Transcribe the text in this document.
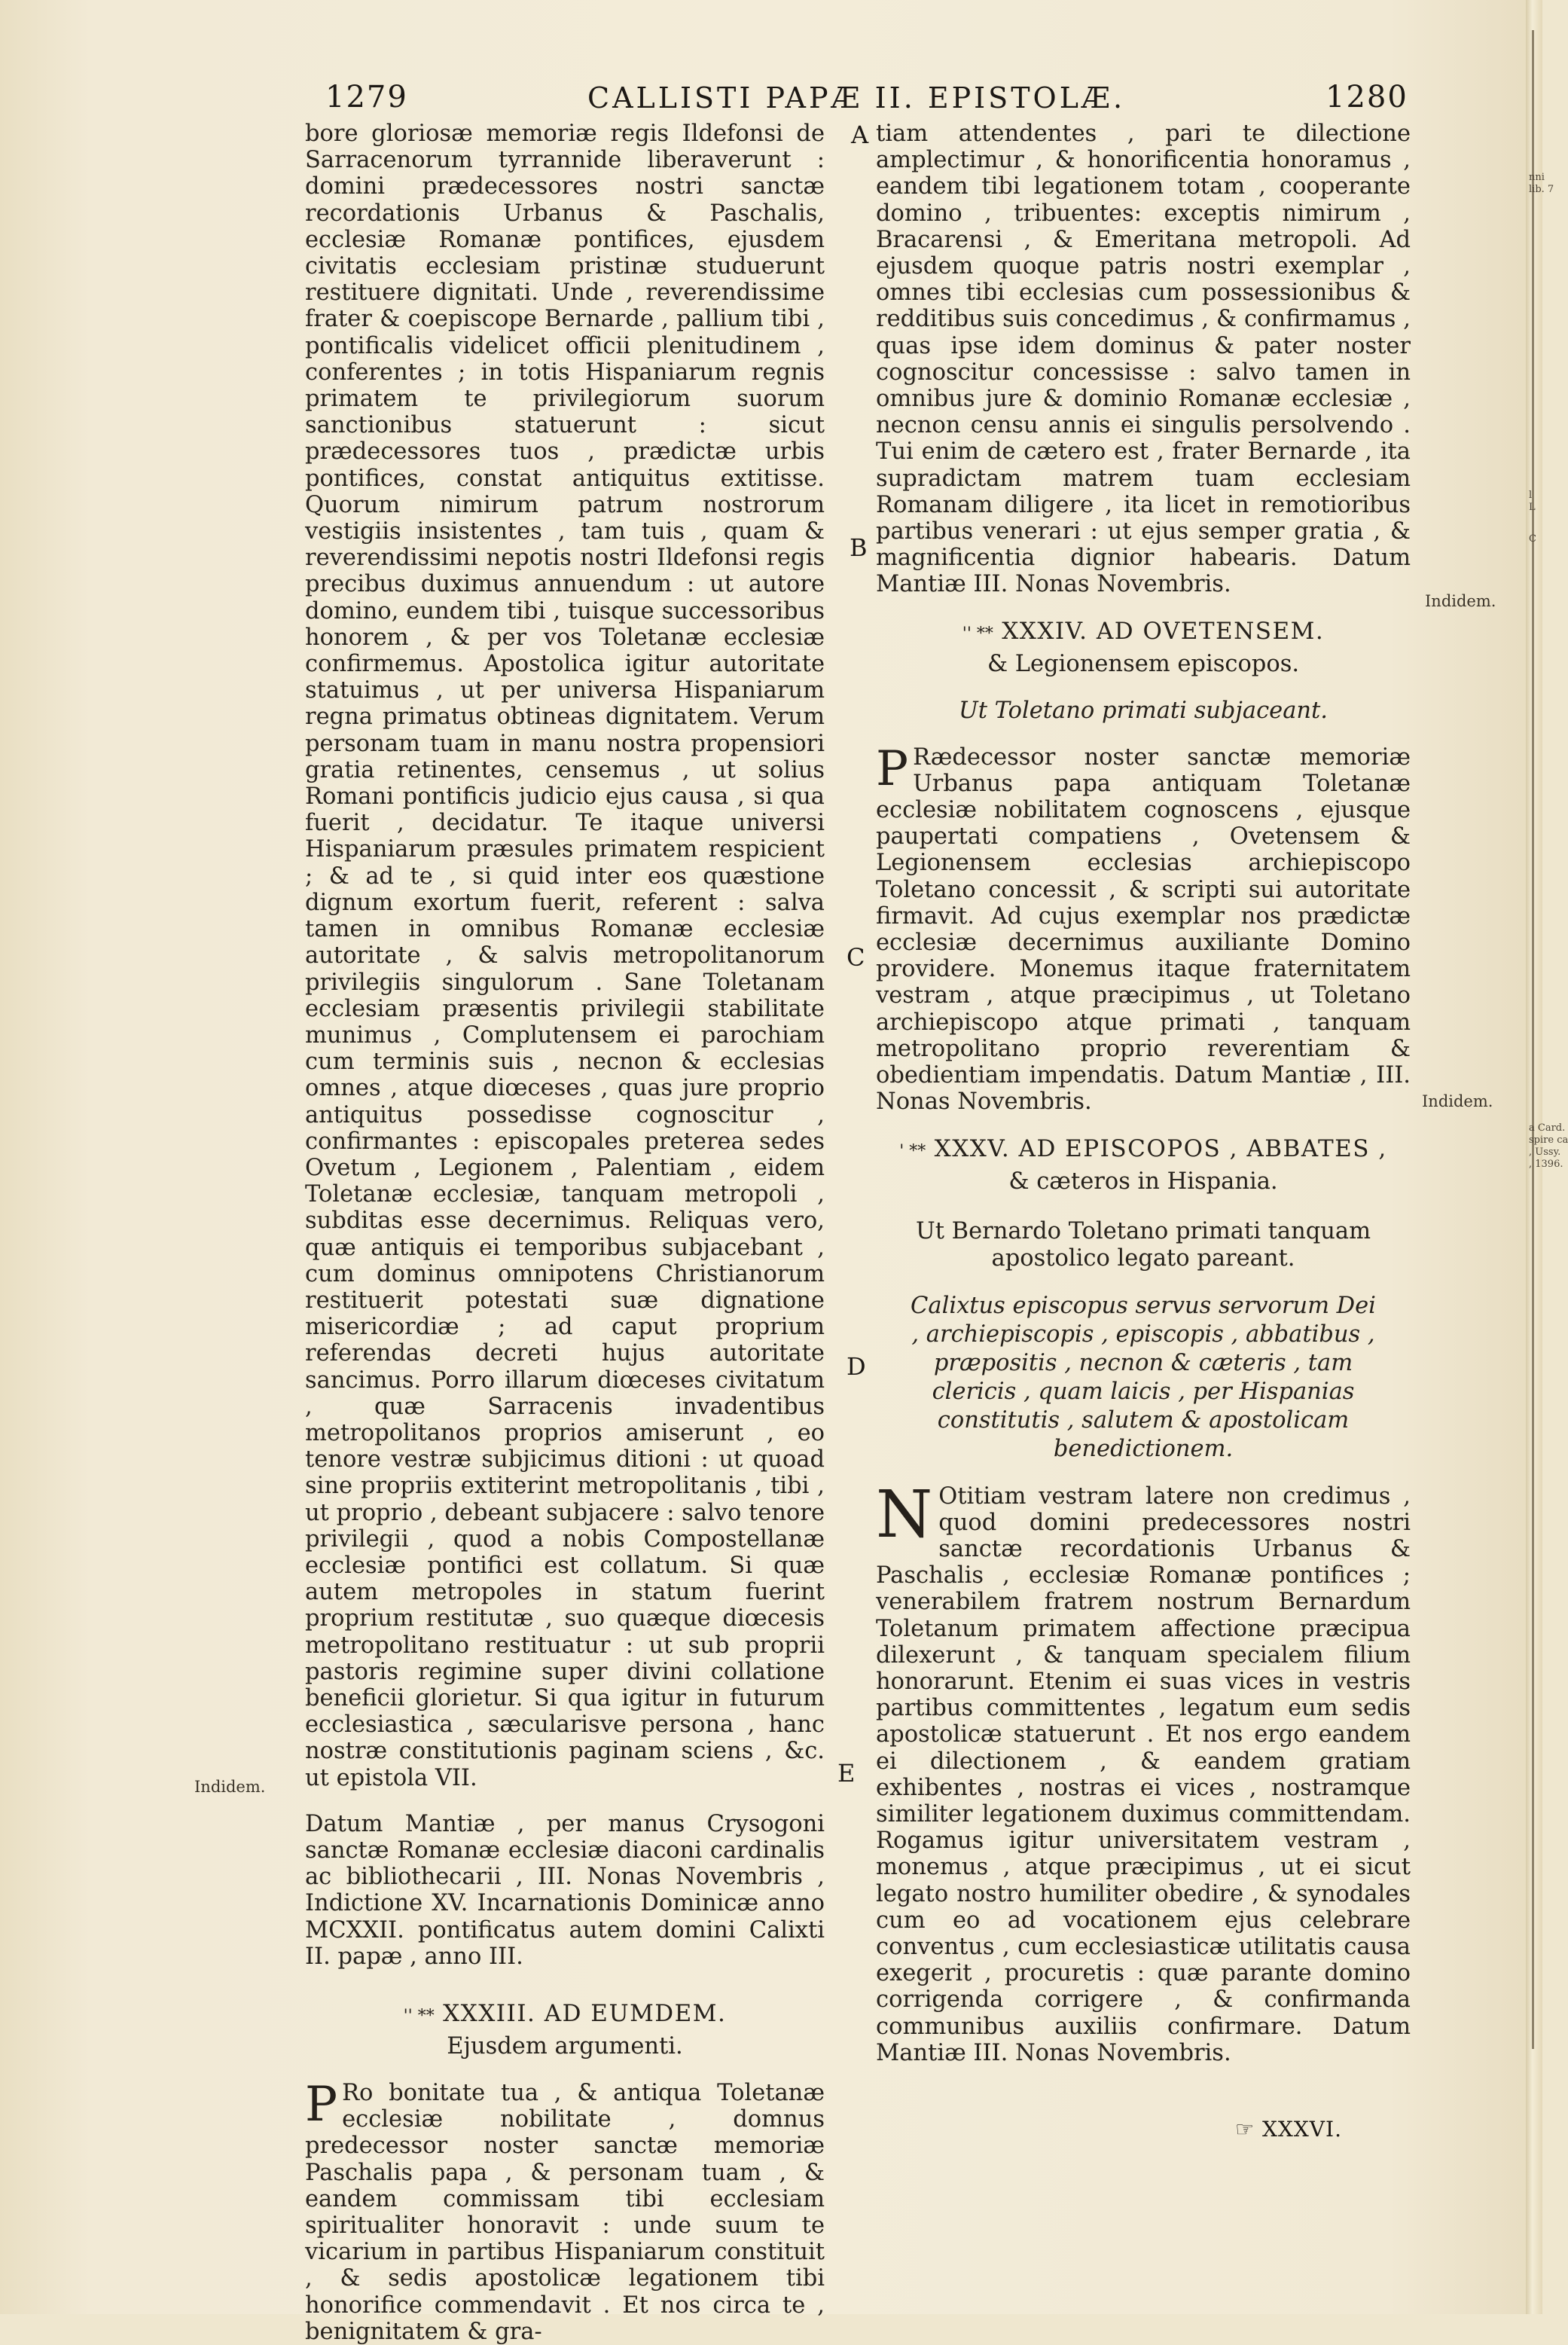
nni
lib. 7
l
L
C
a Card.
spire ca
, Ussy.
, 1396.
1279	CALLISTI PAPÆ II. EPISTOLÆ.	1280

bore gloriosæ memoriæ regis Ildefonsi de Sarracenorum tyrrannide liberaverunt : domini prædecessores nostri sanctæ recordationis Urbanus & Paschalis, ecclesiæ Romanæ pontifices, ejusdem civitatis ecclesiam pristinæ studuerunt restituere dignitati. Unde , reverendissime frater & coepiscope Bernarde , pallium tibi , pontificalis videlicet officii plenitudinem , conferentes ; in totis Hispaniarum regnis primatem te privilegiorum suorum sanctionibus statuerunt : sicut prædecessores tuos , prædictæ urbis pontifices, constat antiquitus extitisse. Quorum nimirum patrum nostrorum vestigiis insistentes , tam tuis , quam & reverendissimi nepotis nostri Ildefonsi regis precibus duximus annuendum : ut autore domino, eundem tibi , tuisque successoribus honorem , & per vos Toletanæ ecclesiæ confirmemus. Apostolica igitur autoritate statuimus , ut per universa Hispaniarum regna primatus obtineas dignitatem. Verum personam tuam in manu nostra propensiori gratia retinentes, censemus , ut solius Romani pontificis judicio ejus causa , si qua fuerit , decidatur. Te itaque universi Hispaniarum præsules primatem respicient ; & ad te , si quid inter eos quæstione dignum exortum fuerit, referent : salva tamen in omnibus Romanæ ecclesiæ autoritate , & salvis metropolitanorum privilegiis singulorum . Sane Toletanam ecclesiam præsentis privilegii stabilitate munimus , Complutensem ei parochiam cum terminis suis , necnon & ecclesias omnes , atque diœceses , quas jure proprio antiquitus possedisse cognoscitur , confirmantes : episcopales preterea sedes Ovetum , Legionem , Palentiam , eidem Toletanæ ecclesiæ, tanquam metropoli , subditas esse decernimus. Reliquas vero, quæ antiquis ei temporibus subjacebant , cum dominus omnipotens Christianorum restituerit potestati suæ dignatione misericordiæ ; ad caput proprium referendas decreti hujus autoritate sancimus. Porro illarum diœceses civitatum , quæ Sarracenis invadentibus metropolitanos proprios amiserunt , eo tenore vestræ subjicimus ditioni : ut quoad sine propriis extiterint metropolitanis , tibi , ut proprio , debeant subjacere : salvo tenore privilegii , quod a nobis Compostellanæ ecclesiæ pontifici est collatum. Si quæ autem metropoles in statum fuerint proprium restitutæ , suo quæque diœcesis metropolitano restituatur : ut sub proprii pastoris regimine super divini collatione beneficii glorietur. Si qua igitur in futurum ecclesiastica , sæcularisve persona , hanc nostræ constitutionis paginam sciens , &c. ut epistola VII.

Datum Mantiæ , per manus Crysogoni sanctæ Romanæ ecclesiæ diaconi cardinalis ac bibliothecarii , III. Nonas Novembris , Indictione XV. Incarnationis Dominicæ anno MCXXII. pontificatus autem domini Calixti II. papæ , anno III.

'' ** XXXIII. AD EUMDEM.

Ejusdem argumenti.

PRo bonitate tua , & antiqua Toletanæ ecclesiæ nobilitate , domnus predecessor noster sanctæ memoriæ Paschalis papa , & personam tuam , & eandem commissam tibi ecclesiam spiritualiter honoravit : unde suum te vicarium in partibus Hispaniarum constituit , & sedis apostolicæ legationem tibi honorifice commendavit . Et nos circa te , benignitatem & gra-

tiam attendentes , pari te dilectione amplectimur , & honorificentia honoramus , eandem tibi legationem totam , cooperante domino , tribuentes: exceptis nimirum , Bracarensi , & Emeritana metropoli. Ad ejusdem quoque patris nostri exemplar , omnes tibi ecclesias cum possessionibus & redditibus suis concedimus , & confirmamus , quas ipse idem dominus & pater noster cognoscitur concessisse : salvo tamen in omnibus jure & dominio Romanæ ecclesiæ , necnon censu annis ei singulis persolvendo . Tui enim de cætero est , frater Bernarde , ita supradictam matrem tuam ecclesiam Romanam diligere , ita licet in remotioribus partibus venerari : ut ejus semper gratia , & magnificentia dignior habearis. Datum Mantiæ III. Nonas Novembris.

'' ** XXXIV. AD OVETENSEM.

& Legionensem episcopos.

Ut Toletano primati subjaceant.

PRædecessor noster sanctæ memoriæ Urbanus papa antiquam Toletanæ ecclesiæ nobilitatem cognoscens , ejusque paupertati compatiens , Ovetensem & Legionensem ecclesias archiepiscopo Toletano concessit , & scripti sui autoritate firmavit. Ad cujus exemplar nos prædictæ ecclesiæ decernimus auxiliante Domino providere. Monemus itaque fraternitatem vestram , atque præcipimus , ut Toletano archiepiscopo atque primati , tanquam metropolitano proprio reverentiam & obedientiam impendatis. Datum Mantiæ , III. Nonas Novembris.

' ** XXXV. AD EPISCOPOS , ABBATES ,

& cæteros in Hispania.

Ut Bernardo Toletano primati tanquam apostolico legato pareant.

Calixtus episcopus servus servorum Dei , archiepiscopis , episcopis , abbatibus , præpositis , necnon & cæteris , tam clericis , quam laicis , per Hispanias constitutis , salutem & apostolicam benedictionem.

NOtitiam vestram latere non credimus , quod domini predecessores nostri sanctæ recordationis Urbanus & Paschalis , ecclesiæ Romanæ pontifices ; venerabilem fratrem nostrum Bernardum Toletanum primatem affectione præcipua dilexerunt , & tanquam specialem filium honorarunt. Etenim ei suas vices in vestris partibus committentes , legatum eum sedis apostolicæ statuerunt . Et nos ergo eandem ei dilectionem , & eandem gratiam exhibentes , nostras ei vices , nostramque similiter legationem duximus committendam. Rogamus igitur universitatem vestram , monemus , atque præcipimus , ut ei sicut legato nostro humiliter obedire , & synodales cum eo ad vocationem ejus celebrare conventus , cum ecclesiasticæ utilitatis causa exegerit , procuretis : quæ parante domino corrigenda corrigere , & confirmanda communibus auxiliis confirmare. Datum Mantiæ III. Nonas Novembris.

A
B
C
D
E
Indidem.
Indidem.
Indidem.
☞ XXXVI.
